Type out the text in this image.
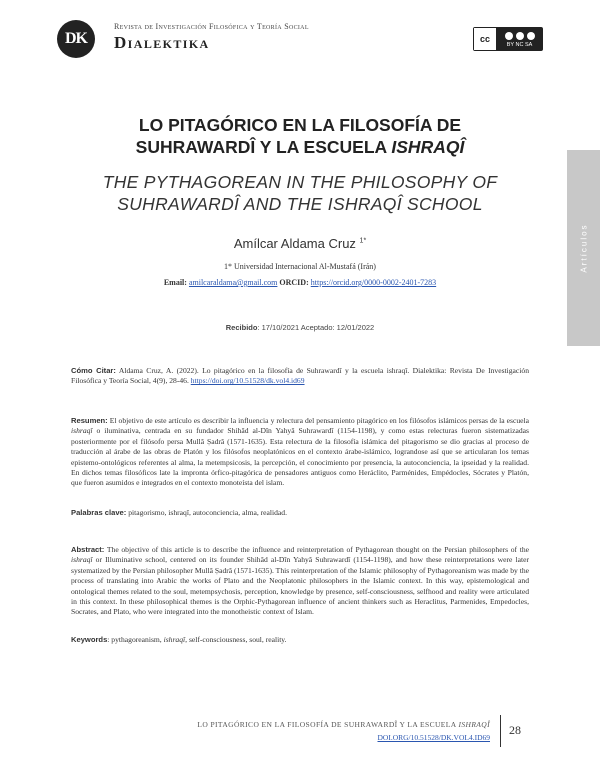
DK
Revista de Investigación Filosófica y Teoría Social
Dialektika	cc
BY NC SA
Artículos
LO PITAGÓRICO EN LA FILOSOFÍA DE
SUHRAWARDÎ Y LA ESCUELA ISHRAQÎ
THE PYTHAGOREAN IN THE PHILOSOPHY OF
SUHRAWARDÎ AND THE ISHRAQÎ SCHOOL
Amílcar Aldama Cruz $^{1*}$
1* Universidad Internacional Al-Mustafá (Irán)
Email: amilcaraldama@gmail.com ORCID: https://orcid.org/0000-0002-2401-7283
Recibido: 17/10/2021 Aceptado: 12/01/2022
Cómo Citar: Aldama Cruz, A. (2022). Lo pitagórico en la filosofía de Suhrawardî y la escuela ishraqî. Dialektika: Revista De Investigación Filosófica y Teoría Social, 4(9), 28-46. https://doi.org/10.51528/dk.vol4.id69
Resumen: El objetivo de este artículo es describir la influencia y relectura del pensamiento pitagórico en los filósofos islámicos persas de la escuela ishraqî o iluminativa, centrada en su fundador Shihâd al-Dîn Yahyâ Suhrawardî (1154-1198), y como estas relecturas fueron sistematizadas posteriormente por el filósofo persa Mullâ Ṣadrâ (1571-1635). Esta relectura de la filosofía islámica del pitagorismo se dio gracias al proceso de traducción al árabe de las obras de Platón y los filósofos neoplatónicos en el contexto árabe-islámico, lograndose así que se articularan los temas epistemo-ontológicos referentes al alma, la metempsicosis, la percepción, el conocimiento por presencia, la autoconciencia, la ipseidad y la realidad. En dichos temas filosóficos late la impronta órfico-pitagórica de pensadores antiguos como Heráclito, Parménides, Empédocles, Sócrates y Platón, que fueron asumidos e integrados en el contexto monoteísta del islam.
Palabras clave: pitagorismo, ishraqî, autoconciencia, alma, realidad.
Abstract: The objective of this article is to describe the influence and reinterpretation of Pythagorean thought on the Persian philosophers of the ishraqî or Illuminative school, centered on its founder Shihâd al-Dîn Yahyâ Suhrawardî (1154-1198), and how these reinterpretations were later systematized by the Persian philosopher Mullâ Ṣadrâ (1571-1635). This reinterpretation of the Islamic philosophy of Pythagoreanism was made by the process of translating into Arabic the works of Plato and the Neoplatonic philosophers in the Islamic context. In this way, epistemological and ontological themes related to the soul, metempsychosis, perception, knowledge by presence, self-consciousness, selfhood and reality were articulated in this context. In these philosophical themes is the Orphic-Pythagorean influence of ancient thinkers such as Heraclitus, Parmenides, Empedocles, Socrates, and Plato, who were integrated into the monotheistic context of Islam.
Keywords: pythagoreanism, ishraqî, self-consciousness, soul, reality.
LO PITAGÓRICO EN LA FILOSOFÍA DE SUHRAWARDÎ Y LA ESCUELA ISHRAQÎ
DOI.ORG/10.51528/DK.VOL4.ID69
28
